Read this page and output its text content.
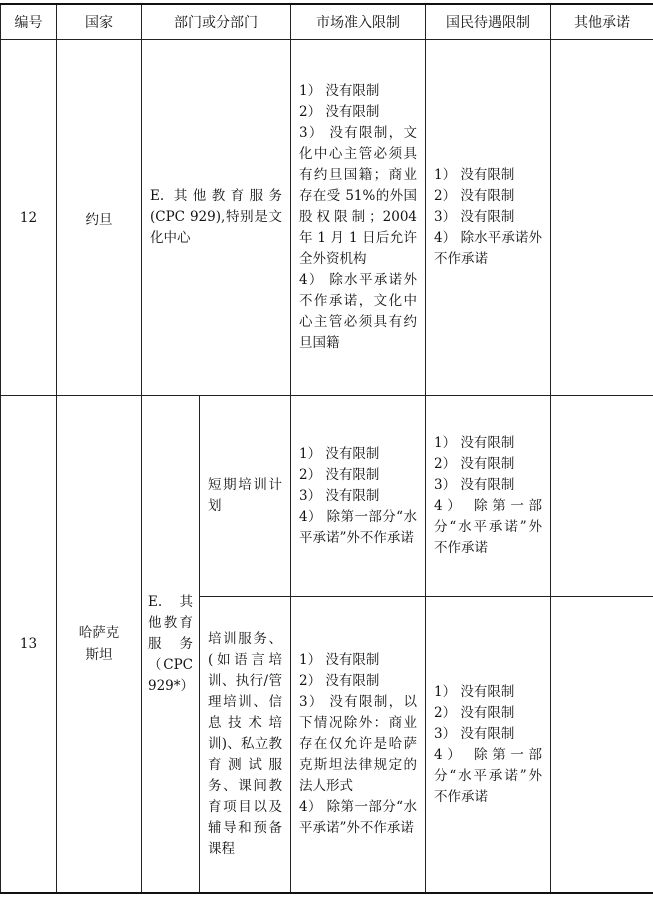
编号	国家	部门或分部门		市场准入限制	国民待遇限制	其他承诺
12	约旦	E. 其他教育服务(CPC 929),特别是文化中心		1） 没有限制
2） 没有限制
3） 没有限制，文化中心主管必须具有约旦国籍；商业存在受 51%的外国股权限制；2004 年 1 月 1 日后允许全外资机构
4） 除水平承诺外不作承诺，文化中心主管必须具有约旦国籍	1） 没有限制
2） 没有限制
3） 没有限制
4） 除水平承诺外不作承诺	

13	哈萨克斯坦	E. 其他教育服务（CPC 929*）	短期培训计划	1） 没有限制
2） 没有限制
3） 没有限制
4） 除第一部分“水平承诺”外不作承诺	1） 没有限制
2） 没有限制
3） 没有限制
4） 除第一部分“水平承诺”外不作承诺	

			培训服务、(如语言培训、执行/管理培训、信息技术培训)、私立教育测试服务、课间教育项目以及辅导和预备课程	1） 没有限制
2） 没有限制
3） 没有限制，以下情况除外：商业存在仅允许是哈萨克斯坦法律规定的法人形式
4） 除第一部分“水平承诺”外不作承诺	1） 没有限制
2） 没有限制
3） 没有限制
4） 除第一部分“水平承诺”外不作承诺	
